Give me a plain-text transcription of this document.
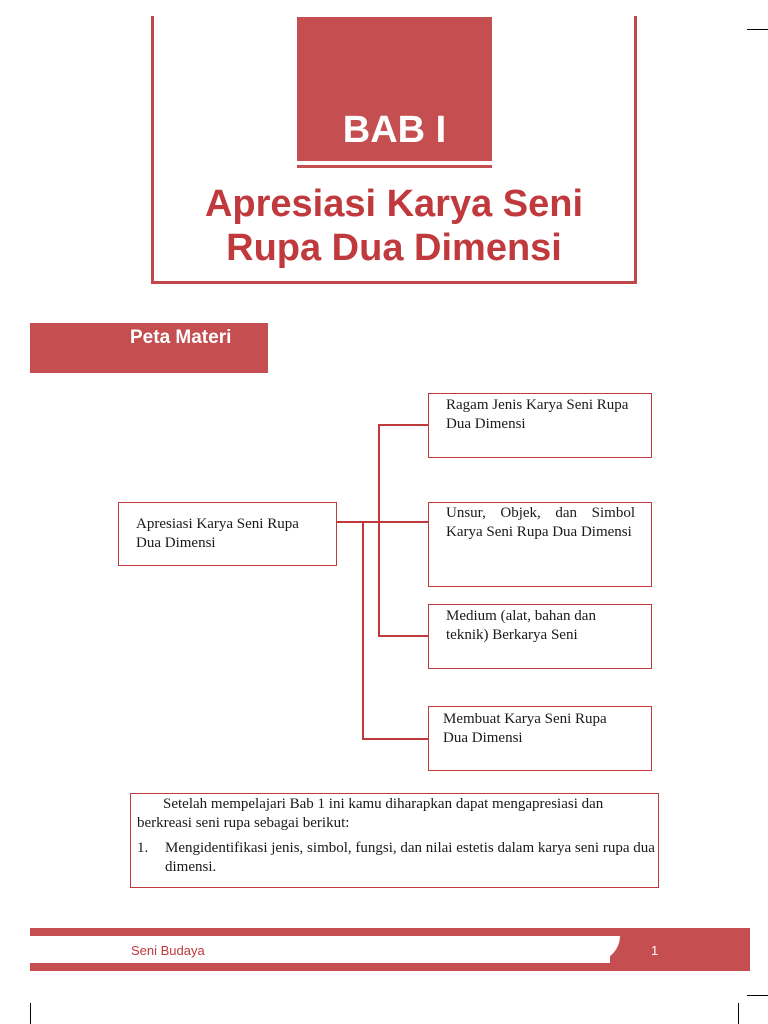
BAB I
Apresiasi Karya Seni
Rupa Dua Dimensi
Peta Materi
Apresiasi Karya Seni Rupa Dua Dimensi
Ragam Jenis Karya Seni Rupa Dua Dimensi
Unsur, Objek, dan Simbol Karya Seni Rupa Dua Dimensi
Medium (alat, bahan dan teknik) Berkarya Seni
Membuat Karya Seni Rupa Dua Dimensi
Setelah mempelajari Bab 1 ini kamu diharapkan dapat mengapresiasi dan berkreasi seni rupa sebagai berikut:
1.	Mengidentifikasi jenis, simbol, fungsi, dan nilai estetis dalam karya seni rupa dua dimensi.
Seni Budaya	1
